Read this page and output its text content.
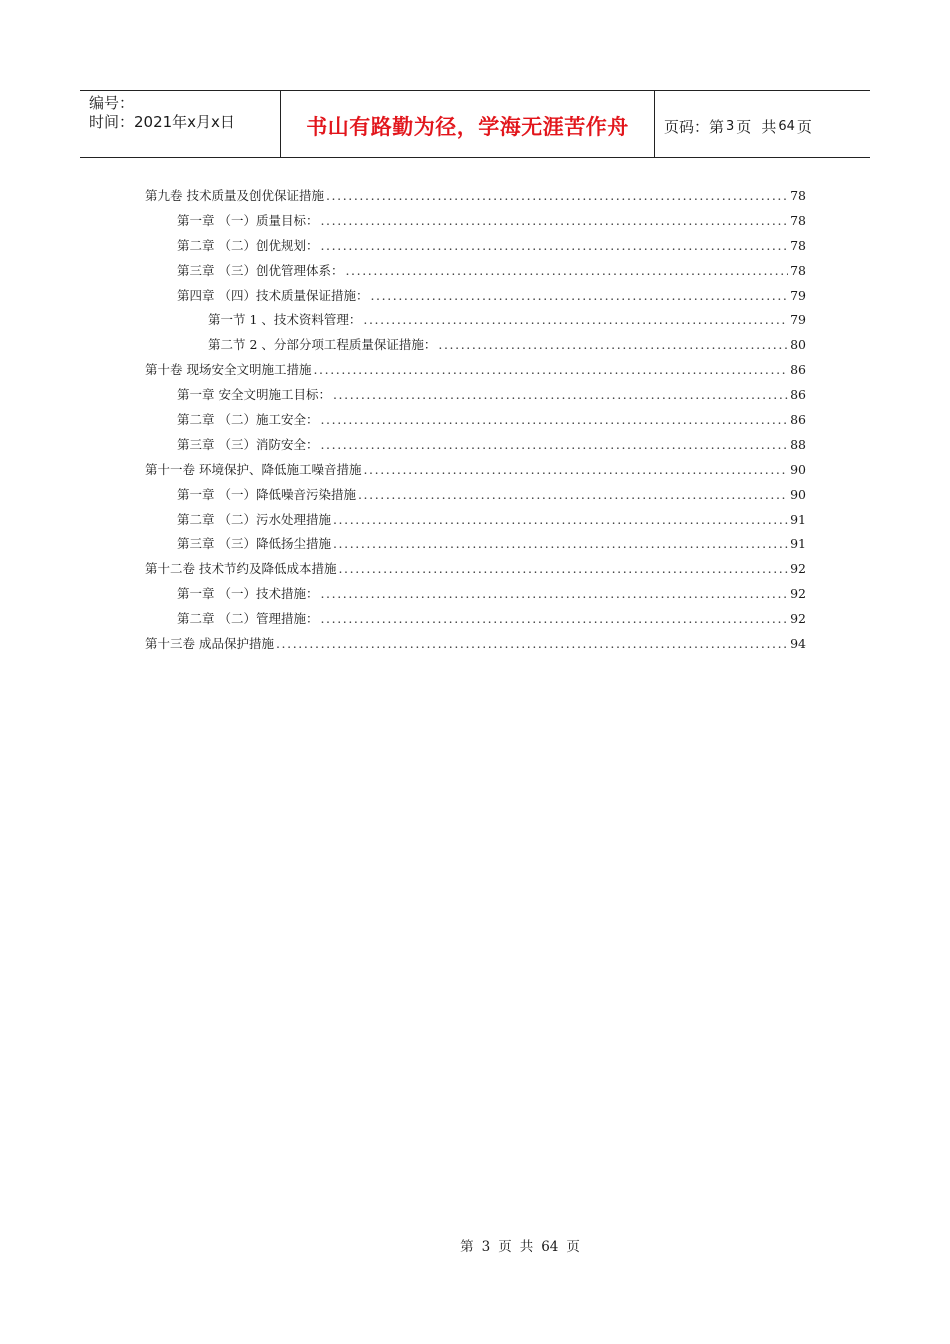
编号：
时间：2021年x月x日	书山有路勤为径，学海无涯苦作舟 页码：第 3 页 共 64 页
第九卷 技术质量及创优保证措施 .....	78
第一章 （一）质量目标： .....	78
第二章 （二）创优规划： .....	78
第三章 （三）创优管理体系： .....	78
第四章 （四）技术质量保证措施： .....	79
第一节 1 、技术资料管理： .....	79
第二节 2 、分部分项工程质量保证措施： .....	80
第十卷 现场安全文明施工措施 .....	86
第一章 安全文明施工目标： .....	86
第二章 （二）施工安全： .....	86
第三章 （三）消防安全： .....	88
第十一卷 环境保护、降低施工噪音措施 .....	90
第一章 （一）降低噪音污染措施 .....	90
第二章 （二）污水处理措施 .....	91
第三章 （三）降低扬尘措施 .....	91
第十二卷 技术节约及降低成本措施 .....	92
第一章 （一）技术措施： .....	92
第二章 （二）管理措施： .....	92
第十三卷 成品保护措施 .....	94
第 3 页 共 64 页
